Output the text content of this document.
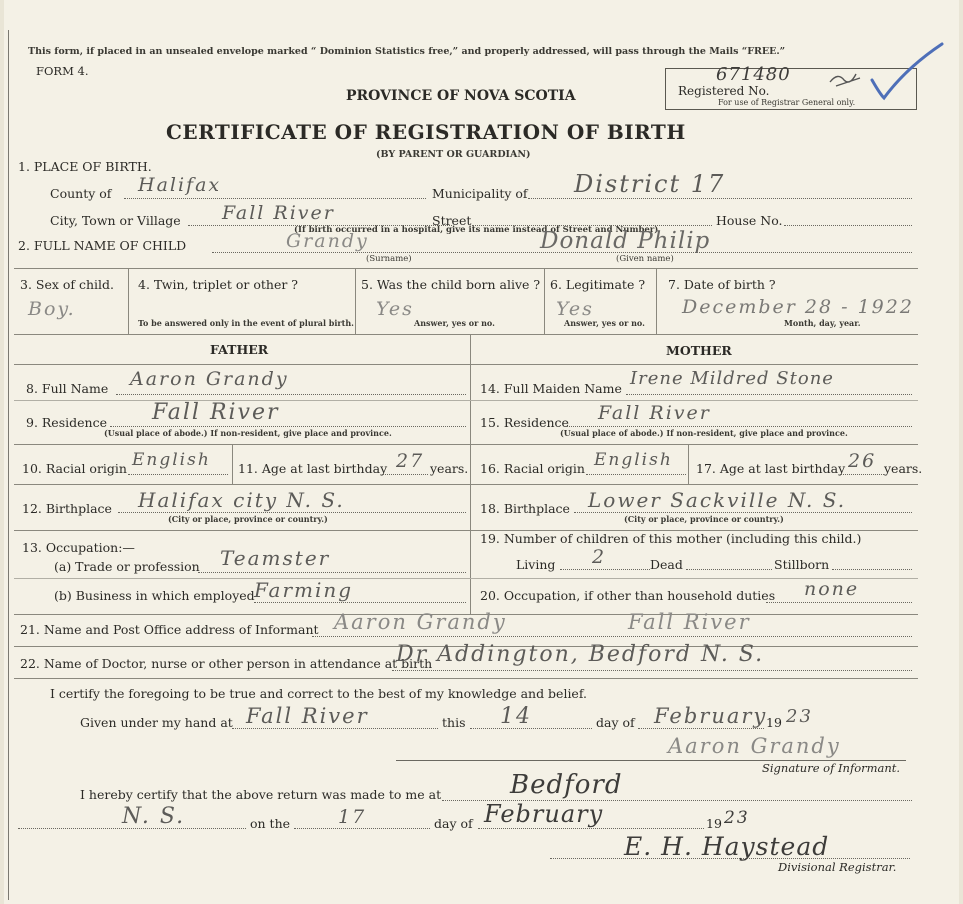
This form, if placed in an unsealed envelope marked “ Dominion Statistics free,” and properly addressed, will pass through the Mails “FREE.”
FORM 4.
PROVINCE OF NOVA SCOTIA
671480
Registered No.
For use of Registrar General only.
CERTIFICATE OF REGISTRATION OF BIRTH
(BY PARENT OR GUARDIAN)
1. PLACE OF BIRTH.
County of Halifax	Municipality of District 17
City, Town or Village Fall River	Street	House No.
(If birth occurred in a hospital, give its name instead of Street and Number)
2. FULL NAME OF CHILD	Grandy	Donald Philip
(Surname)	(Given name)
3. Sex of child.
Boy.
4. Twin, triplet or other ?
To be answered only in the event of plural birth.
5. Was the child born alive ?
Yes
Answer, yes or no.
6. Legitimate ?
Yes
Answer, yes or no.
7. Date of birth ?
December 28 - 1922
Month, day, year.
FATHER	MOTHER
8. Full Name Aaron Grandy
9. Residence Fall River
(Usual place of abode.) If non-resident, give place and province.
10. Racial origin English 11. Age at last birthday 27 years.
12. Birthplace Halifax city N. S.
(City or place, province or country.)
13. Occupation:—
(a) Trade or profession Teamster
(b) Business in which employed Farming
14. Full Maiden Name Irene Mildred Stone
15. Residence Fall River
(Usual place of abode.) If non-resident, give place and province.
16. Racial origin English 17. Age at last birthday 26 years.
18. Birthplace Lower Sackville N. S.
(City or place, province or country.)
19. Number of children of this mother (including this child.)
Living 2	Dead	Stillborn
20. Occupation, if other than household duties none
21. Name and Post Office address of Informant Aaron Grandy	Fall River
22. Name of Doctor, nurse or other person in attendance at birth
Dr Addington, Bedford N. S.
I certify the foregoing to be true and correct to the best of my knowledge and belief.
Given under my hand at Fall River	this 14	day of February
19 23
Aaron Grandy
Signature of Informant.
I hereby certify that the above return was made to me at	Bedford
N. S.	on the	17	day of February	19 23
E. H. Haystead
Divisional Registrar.
